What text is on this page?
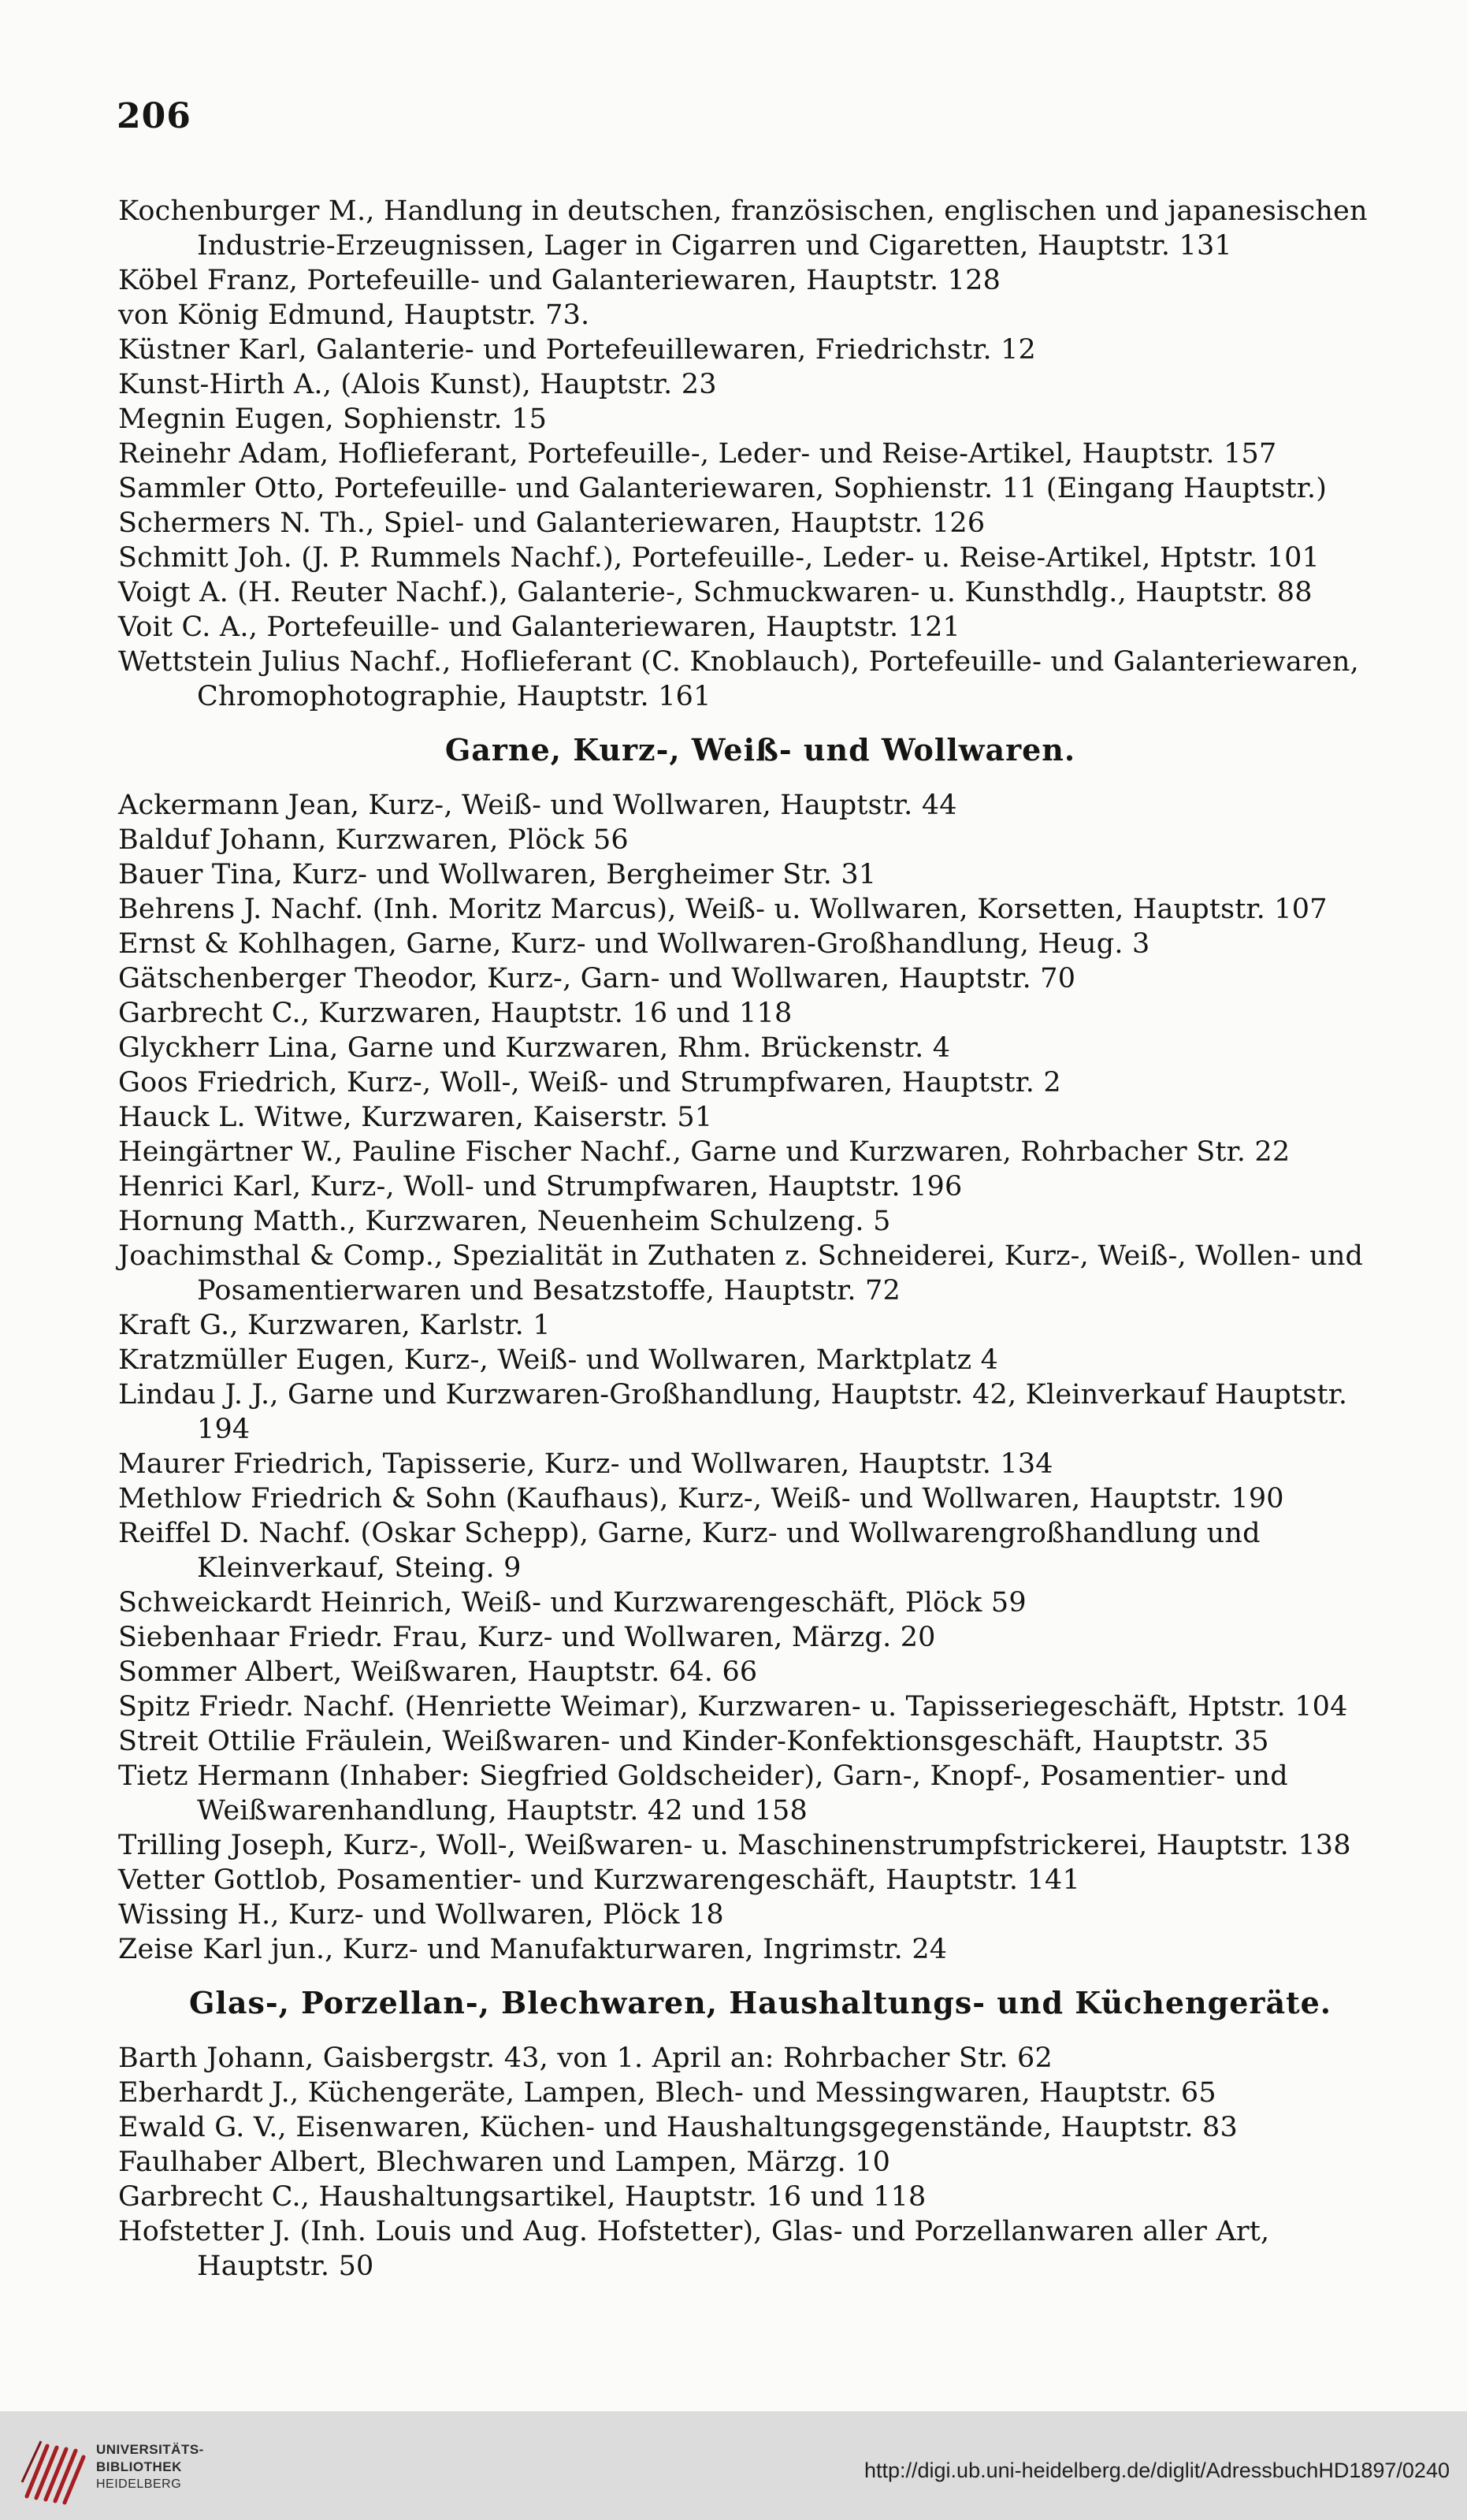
206

Kochenburger M., Handlung in deutschen, französischen, englischen und japanesischen Industrie-Erzeugnissen, Lager in Cigarren und Cigaretten, Hauptstr. 131

Köbel Franz, Portefeuille- und Galanteriewaren, Hauptstr. 128

von König Edmund, Hauptstr. 73.

Küstner Karl, Galanterie- und Portefeuillewaren, Friedrichstr. 12

Kunst-Hirth A., (Alois Kunst), Hauptstr. 23

Megnin Eugen, Sophienstr. 15

Reinehr Adam, Hoflieferant, Portefeuille-, Leder- und Reise-Artikel, Hauptstr. 157

Sammler Otto, Portefeuille- und Galanteriewaren, Sophienstr. 11 (Eingang Hauptstr.)

Schermers N. Th., Spiel- und Galanteriewaren, Hauptstr. 126

Schmitt Joh. (J. P. Rummels Nachf.), Portefeuille-, Leder- u. Reise-Artikel, Hptstr. 101

Voigt A. (H. Reuter Nachf.), Galanterie-, Schmuckwaren- u. Kunsthdlg., Hauptstr. 88

Voit C. A., Portefeuille- und Galanteriewaren, Hauptstr. 121

Wettstein Julius Nachf., Hoflieferant (C. Knoblauch), Portefeuille- und Galanteriewaren, Chromophotographie, Hauptstr. 161

Garne, Kurz-, Weiß- und Wollwaren.

Ackermann Jean, Kurz-, Weiß- und Wollwaren, Hauptstr. 44

Balduf Johann, Kurzwaren, Plöck 56

Bauer Tina, Kurz- und Wollwaren, Bergheimer Str. 31

Behrens J. Nachf. (Inh. Moritz Marcus), Weiß- u. Wollwaren, Korsetten, Hauptstr. 107

Ernst & Kohlhagen, Garne, Kurz- und Wollwaren-Großhandlung, Heug. 3

Gätschenberger Theodor, Kurz-, Garn- und Wollwaren, Hauptstr. 70

Garbrecht C., Kurzwaren, Hauptstr. 16 und 118

Glyckherr Lina, Garne und Kurzwaren, Rhm. Brückenstr. 4

Goos Friedrich, Kurz-, Woll-, Weiß- und Strumpfwaren, Hauptstr. 2

Hauck L. Witwe, Kurzwaren, Kaiserstr. 51

Heingärtner W., Pauline Fischer Nachf., Garne und Kurzwaren, Rohrbacher Str. 22

Henrici Karl, Kurz-, Woll- und Strumpfwaren, Hauptstr. 196

Hornung Matth., Kurzwaren, Neuenheim Schulzeng. 5

Joachimsthal & Comp., Spezialität in Zuthaten z. Schneiderei, Kurz-, Weiß-, Wollen- und Posamentierwaren und Besatzstoffe, Hauptstr. 72

Kraft G., Kurzwaren, Karlstr. 1

Kratzmüller Eugen, Kurz-, Weiß- und Wollwaren, Marktplatz 4

Lindau J. J., Garne und Kurzwaren-Großhandlung, Hauptstr. 42, Kleinverkauf Hauptstr. 194

Maurer Friedrich, Tapisserie, Kurz- und Wollwaren, Hauptstr. 134

Methlow Friedrich & Sohn (Kaufhaus), Kurz-, Weiß- und Wollwaren, Hauptstr. 190

Reiffel D. Nachf. (Oskar Schepp), Garne, Kurz- und Wollwarengroßhandlung und Kleinverkauf, Steing. 9

Schweickardt Heinrich, Weiß- und Kurzwarengeschäft, Plöck 59

Siebenhaar Friedr. Frau, Kurz- und Wollwaren, Märzg. 20

Sommer Albert, Weißwaren, Hauptstr. 64. 66

Spitz Friedr. Nachf. (Henriette Weimar), Kurzwaren- u. Tapisseriegeschäft, Hptstr. 104

Streit Ottilie Fräulein, Weißwaren- und Kinder-Konfektionsgeschäft, Hauptstr. 35

Tietz Hermann (Inhaber: Siegfried Goldscheider), Garn-, Knopf-, Posamentier- und Weißwarenhandlung, Hauptstr. 42 und 158

Trilling Joseph, Kurz-, Woll-, Weißwaren- u. Maschinenstrumpfstrickerei, Hauptstr. 138

Vetter Gottlob, Posamentier- und Kurzwarengeschäft, Hauptstr. 141

Wissing H., Kurz- und Wollwaren, Plöck 18

Zeise Karl jun., Kurz- und Manufakturwaren, Ingrimstr. 24

Glas-, Porzellan-, Blechwaren, Haushaltungs- und Küchengeräte.

Barth Johann, Gaisbergstr. 43, von 1. April an: Rohrbacher Str. 62

Eberhardt J., Küchengeräte, Lampen, Blech- und Messingwaren, Hauptstr. 65

Ewald G. V., Eisenwaren, Küchen- und Haushaltungsgegenstände, Hauptstr. 83

Faulhaber Albert, Blechwaren und Lampen, Märzg. 10

Garbrecht C., Haushaltungsartikel, Hauptstr. 16 und 118

Hofstetter J. (Inh. Louis und Aug. Hofstetter), Glas- und Porzellanwaren aller Art, Hauptstr. 50

UNIVERSITÄTS-
BIBLIOTHEK
HEIDELBERG
http://digi.ub.uni-heidelberg.de/diglit/AdressbuchHD1897/0240
